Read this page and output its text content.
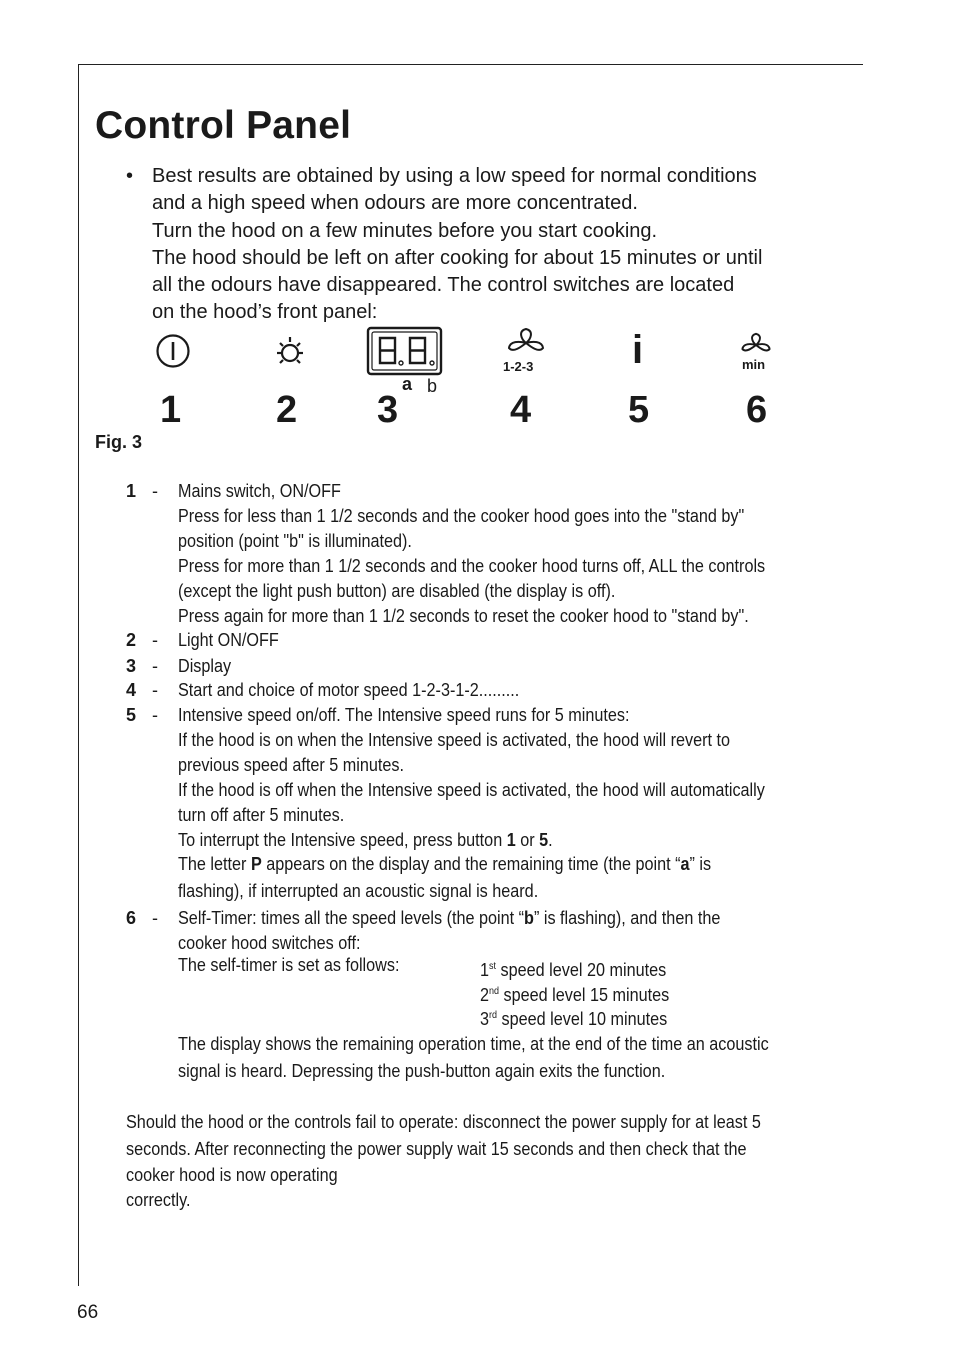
Control Panel
• Best results are obtained by using a low speed for normal conditions
and a high speed when odours are more concentrated.
Turn the hood on a few minutes before you start cooking.
The hood should be left on after cooking for about 15 minutes or until
all the odours have disappeared. The control switches are located
on the hood’s front panel:
a b
1-2-3 i	min
1 2 3	4	5	6
Fig. 3
1 - Mains switch, ON/OFF
Press for less than 1 1/2 seconds and the cooker hood goes into the "stand by"
position (point "b" is illuminated).
Press for more than 1 1/2 seconds and the cooker hood turns off, ALL the controls
(except the light push button) are disabled (the display is off).
Press again for more than 1 1/2 seconds to reset the cooker hood to "stand by".
2 - Light ON/OFF
3 - Display
4 - Start and choice of motor speed 1-2-3-1-2.........
5 - Intensive speed on/off. The Intensive speed runs for 5 minutes:
If the hood is on when the Intensive speed is activated, the hood will revert to
previous speed after 5 minutes.
If the hood is off when the Intensive speed is activated, the hood will automatically
turn off after 5 minutes.
To interrupt the Intensive speed, press button 1 or 5.
The letter P appears on the display and the remaining time (the point “a” is
flashing), if interrupted an acoustic signal is heard.
6 - Self-Timer: times all the speed levels (the point “b” is flashing), and then the
cooker hood switches off:
The self-timer is set as follows:	1st speed level 20 minutes
2nd speed level 15 minutes
3rd speed level 10 minutes
The display shows the remaining operation time, at the end of the time an acoustic
signal is heard. Depressing the push-button again exits the function.
Should the hood or the controls fail to operate: disconnect the power supply for at least 5
seconds. After reconnecting the power supply wait 15 seconds and then check that the
cooker hood is now operating
correctly.
66
